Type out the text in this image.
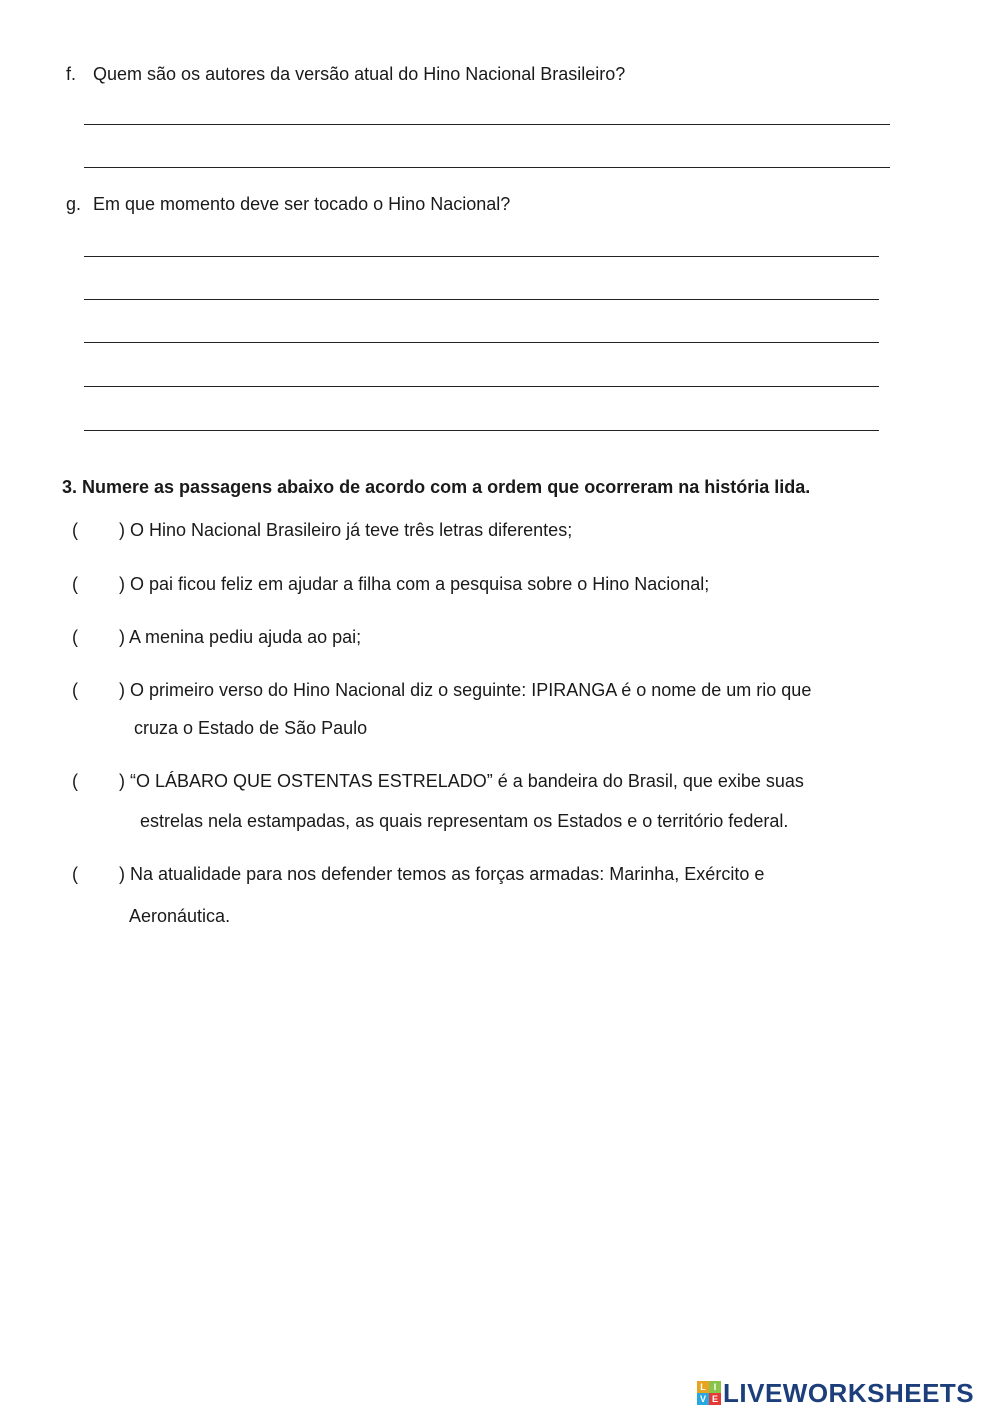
f. Quem são os autores da versão atual do Hino Nacional Brasileiro?
g. Em que momento deve ser tocado o Hino Nacional?
3. Numere as passagens abaixo de acordo com a ordem que ocorreram na história lida.
( ) O Hino Nacional Brasileiro já teve três letras diferentes;
( ) O pai ficou feliz em ajudar a filha com a pesquisa sobre o Hino Nacional;
( ) A menina pediu ajuda ao pai;
( ) O primeiro verso do Hino Nacional diz o seguinte: IPIRANGA é o nome de um rio que
cruza o Estado de São Paulo
( ) “O LÁBARO QUE OSTENTAS ESTRELADO” é a bandeira do Brasil, que exibe suas
estrelas nela estampadas, as quais representam os Estados e o território federal.
( ) Na atualidade para nos defender temos as forças armadas: Marinha, Exército e
Aeronáutica.
L I
V E LIVEWORKSHEETS
